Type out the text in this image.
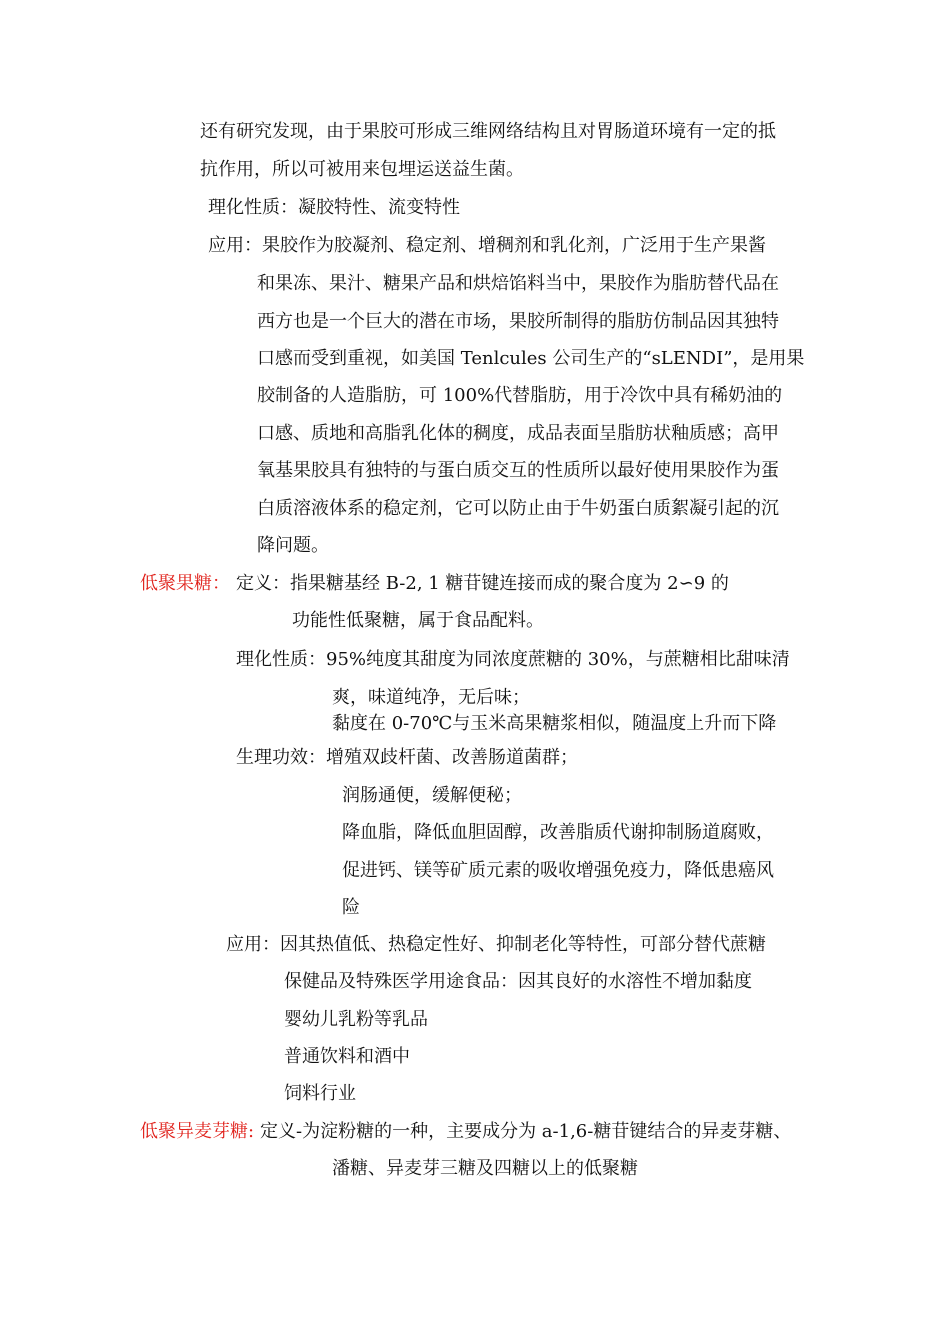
还有研究发现，由于果胶可形成三维网络结构且对胃肠道环境有一定的抵
抗作用，所以可被用来包埋运送益生菌。
理化性质：凝胶特性、流变特性
应用：果胶作为胶凝剂、稳定剂、增稠剂和乳化剂，广泛用于生产果酱
和果冻、果汁、糖果产品和烘焙馅料当中，果胶作为脂肪替代品在
西方也是一个巨大的潜在市场，果胶所制得的脂肪仿制品因其独特
口感而受到重视，如美国 Tenlcules 公司生产的“sLENDI”，是用果
胶制备的人造脂肪，可 100%代替脂肪，用于冷饮中具有稀奶油的
口感、质地和高脂乳化体的稠度，成品表面呈脂肪状釉质感；高甲
氧基果胶具有独特的与蛋白质交互的性质所以最好使用果胶作为蛋
白质溶液体系的稳定剂，它可以防止由于牛奶蛋白质絮凝引起的沉
降问题。
低聚果糖： 定义：指果糖基经 B-2, 1 糖苷键连接而成的聚合度为 2∽9 的
功能性低聚糖，属于食品配料。
理化性质：95%纯度其甜度为同浓度蔗糖的 30%，与蔗糖相比甜味清
爽，味道纯净，无后味；
黏度在 0-70℃与玉米高果糖浆相似，随温度上升而下降
生理功效：增殖双歧杆菌、改善肠道菌群；
润肠通便，缓解便秘；
降血脂，降低血胆固醇，改善脂质代谢抑制肠道腐败，
促进钙、镁等矿质元素的吸收增强免疫力，降低患癌风
险
应用：因其热值低、热稳定性好、抑制老化等特性，可部分替代蔗糖
保健品及特殊医学用途食品：因其良好的水溶性不增加黏度
婴幼儿乳粉等乳品
普通饮料和酒中
饲料行业
低聚异麦芽糖: 定义-为淀粉糖的一种，主要成分为 a-1,6-糖苷键结合的异麦芽糖、
潘糖、异麦芽三糖及四糖以上的低聚糖
